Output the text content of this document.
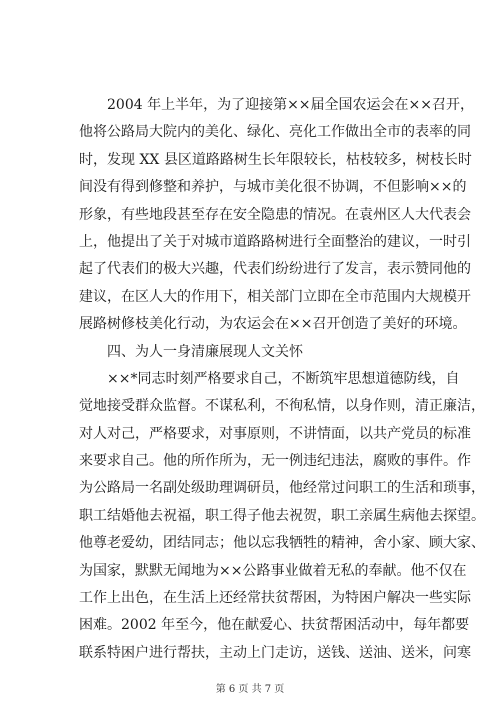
2004 年上半年，为了迎接第××届全国农运会在××召开，
他将公路局大院内的美化、绿化、亮化工作做出全市的表率的同
时，发现 XX 县区道路路树生长年限较长，枯枝较多，树枝长时
间没有得到修整和养护，与城市美化很不协调，不但影响××的
形象，有些地段甚至存在安全隐患的情况。在袁州区人大代表会
上，他提出了关于对城市道路路树进行全面整治的建议，一时引
起了代表们的极大兴趣，代表们纷纷进行了发言，表示赞同他的
建议，在区人大的作用下，相关部门立即在全市范围内大规模开
展路树修枝美化行动，为农运会在××召开创造了美好的环境。
四、为人一身清廉展现人文关怀
××*同志时刻严格要求自己，不断筑牢思想道德防线，自
觉地接受群众监督。不谋私利，不徇私情，以身作则，清正廉洁，
对人对己，严格要求，对事原则，不讲情面，以共产党员的标准
来要求自己。他的所作所为，无一例违纪违法，腐败的事件。作
为公路局一名副处级助理调研员，他经常过问职工的生活和琐事，
职工结婚他去祝福，职工得子他去祝贺，职工亲属生病他去探望。
他尊老爱幼，团结同志；他以忘我牺牲的精神，舍小家、顾大家、
为国家，默默无闻地为××公路事业做着无私的奉献。他不仅在
工作上出色，在生活上还经常扶贫帮困，为特困户解决一些实际
困难。2002 年至今，他在献爱心、扶贫帮困活动中，每年都要
联系特困户进行帮扶，主动上门走访，送钱、送油、送米，问寒
第 6 页 共 7 页
